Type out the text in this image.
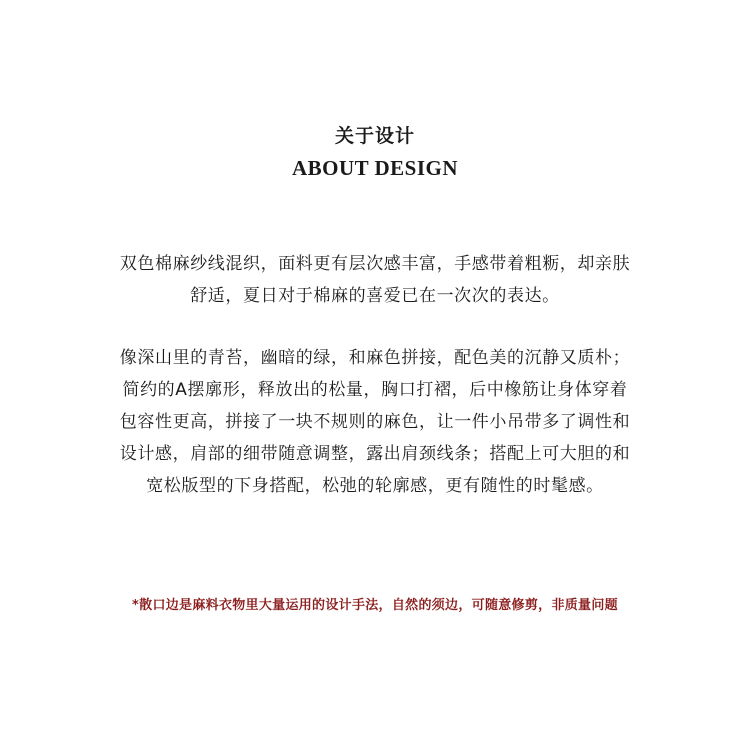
关于设计
ABOUT DESIGN
双色棉麻纱线混织，面料更有层次感丰富，手感带着粗粝，却亲肤
舒适，夏日对于棉麻的喜爱已在一次次的表达。
像深山里的青苔，幽暗的绿，和麻色拼接，配色美的沉静又质朴；
简约的A摆廓形，释放出的松量，胸口打褶，后中橡筋让身体穿着
包容性更高，拼接了一块不规则的麻色，让一件小吊带多了调性和
设计感，肩部的细带随意调整，露出肩颈线条；搭配上可大胆的和
宽松版型的下身搭配，松弛的轮廓感，更有随性的时髦感。
*散口边是麻料衣物里大量运用的设计手法，自然的须边，可随意修剪，非质量问题
